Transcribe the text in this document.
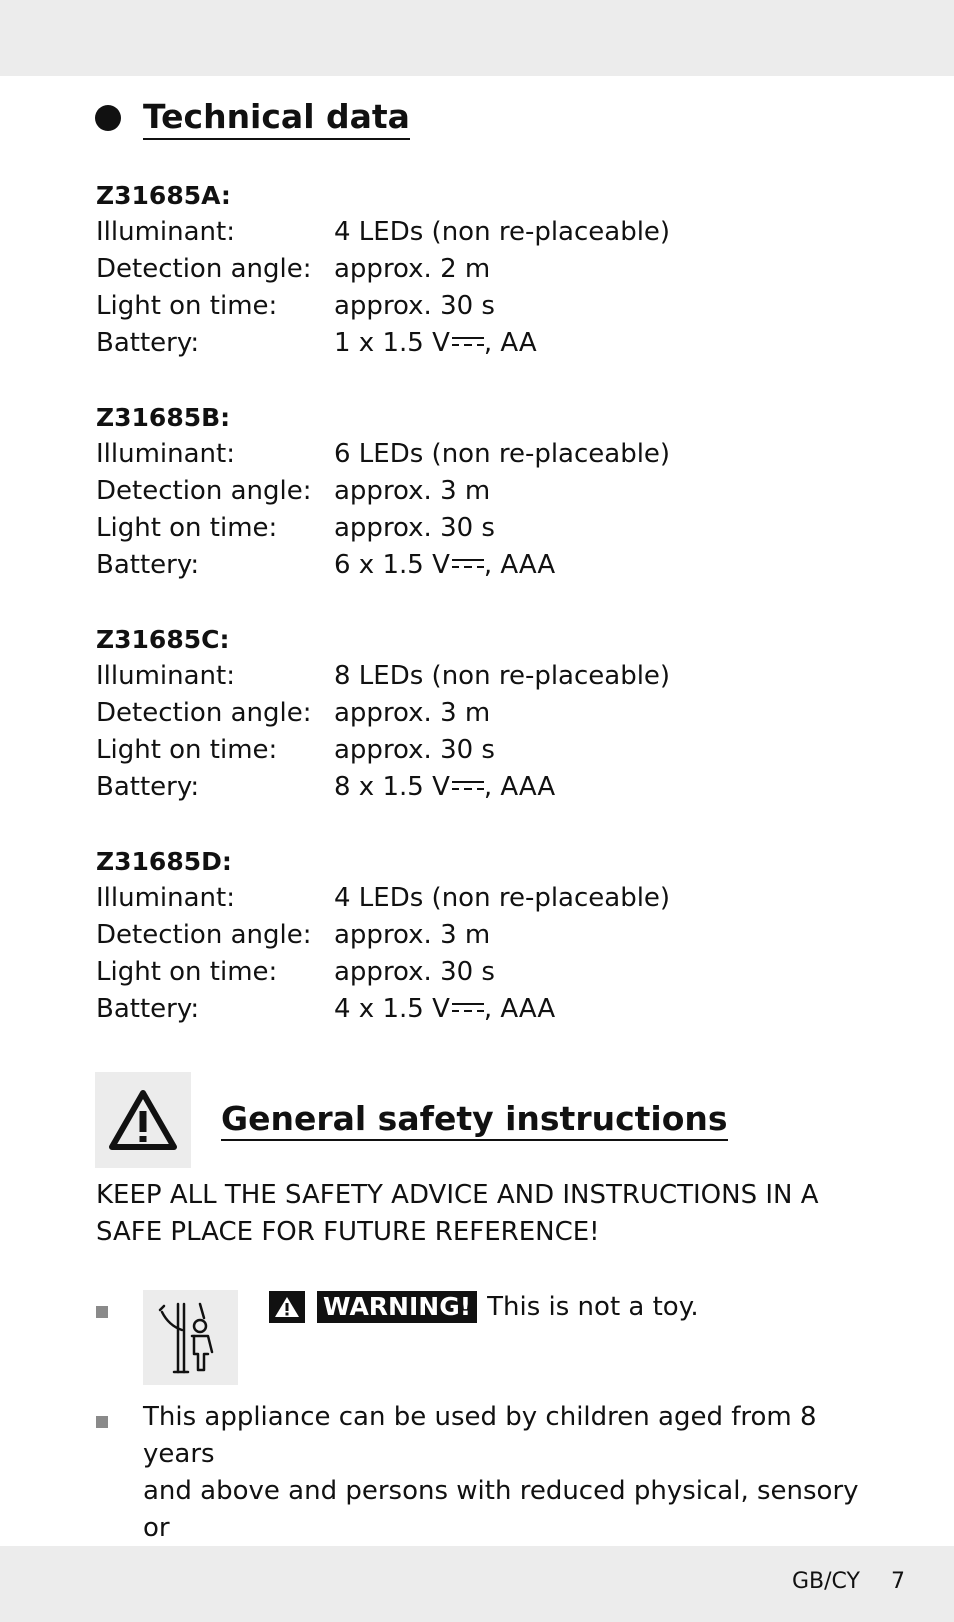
Technical data
Z31685A:
Illuminant:	4 LEDs (non re-placeable)
Detection angle: approx. 2 m
Light on time:	approx. 30 s
Battery:	1 x 1.5 V , AA
Z31685B:
Illuminant:	6 LEDs (non re-placeable)
Detection angle: approx. 3 m
Light on time:	approx. 30 s
Battery:	6 x 1.5 V , AAA
Z31685C:
Illuminant:	8 LEDs (non re-placeable)
Detection angle: approx. 3 m
Light on time:	approx. 30 s
Battery:	8 x 1.5 V , AAA
Z31685D:
Illuminant:	4 LEDs (non re-placeable)
Detection angle: approx. 3 m
Light on time:	approx. 30 s
Battery:	4 x 1.5 V , AAA
General safety instructions
KEEP ALL THE SAFETY ADVICE AND INSTRUCTIONS IN A
SAFE PLACE FOR FUTURE REFERENCE!
WARNING! This is not a toy.
This appliance can be used by children aged from 8 years
and above and persons with reduced physical, sensory or
GB/CY 7
